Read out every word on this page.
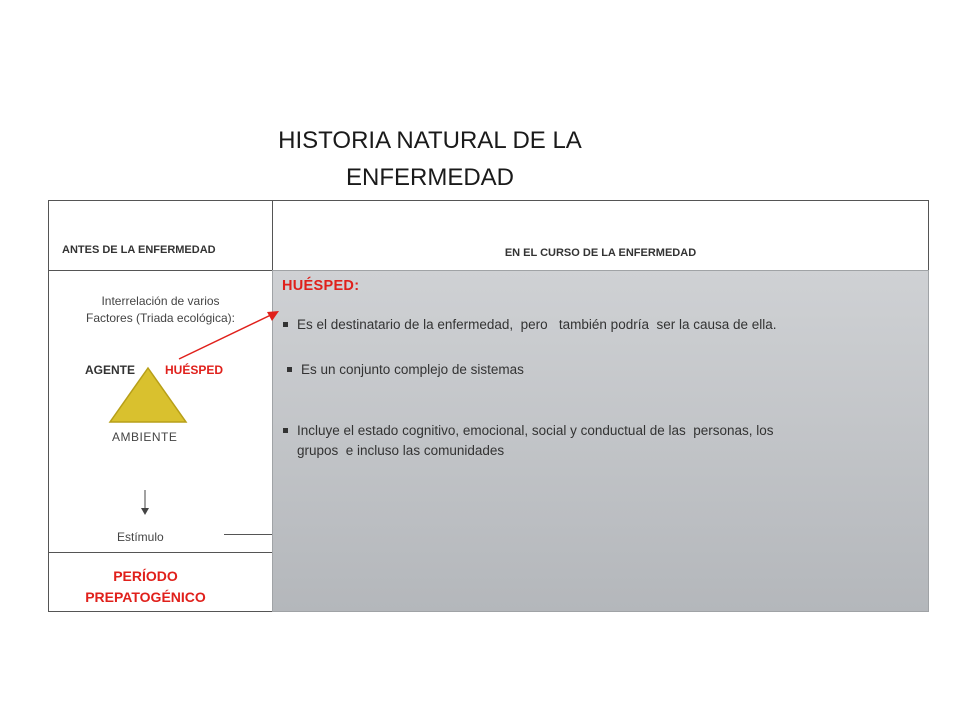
HISTORIA NATURAL DE LA
ENFERMEDAD
ANTES DE LA ENFERMEDAD
Interrelación de varios
Factores (Triada ecológica):
AGENTE HUÉSPED
AMBIENTE
Estímulo
PERÍODO
PREPATOGÉNICO
EN EL CURSO DE LA ENFERMEDAD
HUÉSPED:
Es el destinatario de la enfermedad,  pero   también podría  ser la causa de ella.
Es un conjunto complejo de sistemas
Incluye el estado cognitivo, emocional, social y conductual de las  personas, los
grupos  e incluso las comunidades
